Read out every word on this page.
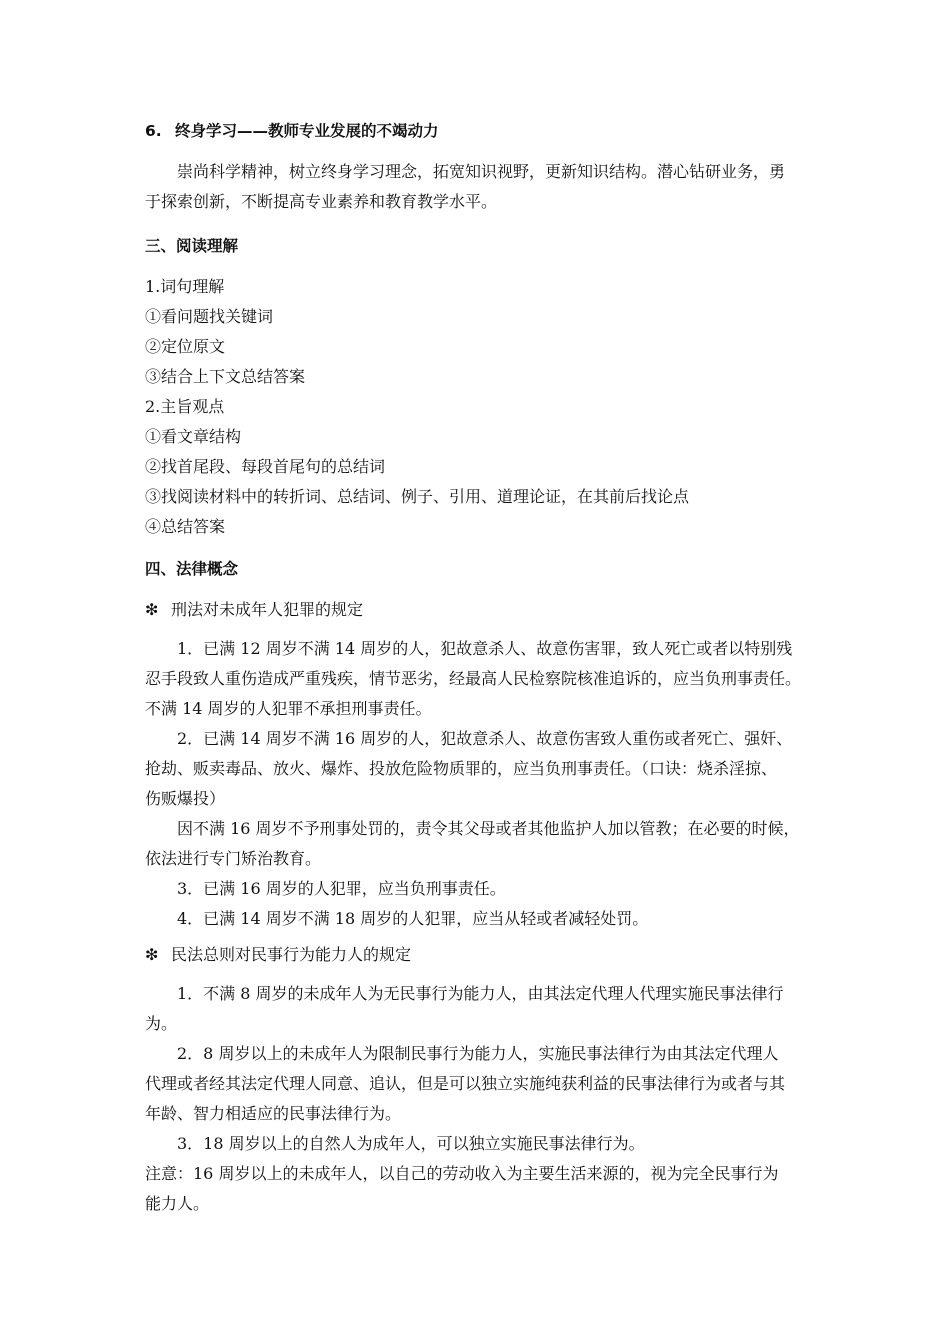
6. 终身学习——教师专业发展的不竭动力
崇尚科学精神，树立终身学习理念，拓宽知识视野，更新知识结构。潜心钻研业务，勇
于探索创新，不断提高专业素养和教育教学水平。
三、阅读理解
1.词句理解
①看问题找关键词
②定位原文
③结合上下文总结答案
2.主旨观点
①看文章结构
②找首尾段、每段首尾句的总结词
③找阅读材料中的转折词、总结词、例子、引用、道理论证，在其前后找论点
④总结答案
四、法律概念
❇ 刑法对未成年人犯罪的规定
1．已满 12 周岁不满 14 周岁的人，犯故意杀人、故意伤害罪，致人死亡或者以特别残
忍手段致人重伤造成严重残疾，情节恶劣，经最高人民检察院核准追诉的，应当负刑事责任。
不满 14 周岁的人犯罪不承担刑事责任。
2．已满 14 周岁不满 16 周岁的人，犯故意杀人、故意伤害致人重伤或者死亡、强奸、
抢劫、贩卖毒品、放火、爆炸、投放危险物质罪的，应当负刑事责任。（口诀：烧杀淫掠、
伤贩爆投）
因不满 16 周岁不予刑事处罚的，责令其父母或者其他监护人加以管教；在必要的时候，
依法进行专门矫治教育。
3．已满 16 周岁的人犯罪，应当负刑事责任。
4．已满 14 周岁不满 18 周岁的人犯罪，应当从轻或者减轻处罚。
❇ 民法总则对民事行为能力人的规定
1．不满 8 周岁的未成年人为无民事行为能力人，由其法定代理人代理实施民事法律行
为。
2．8 周岁以上的未成年人为限制民事行为能力人，实施民事法律行为由其法定代理人
代理或者经其法定代理人同意、追认，但是可以独立实施纯获利益的民事法律行为或者与其
年龄、智力相适应的民事法律行为。
3．18 周岁以上的自然人为成年人，可以独立实施民事法律行为。
注意：16 周岁以上的未成年人，以自己的劳动收入为主要生活来源的，视为完全民事行为
能力人。
